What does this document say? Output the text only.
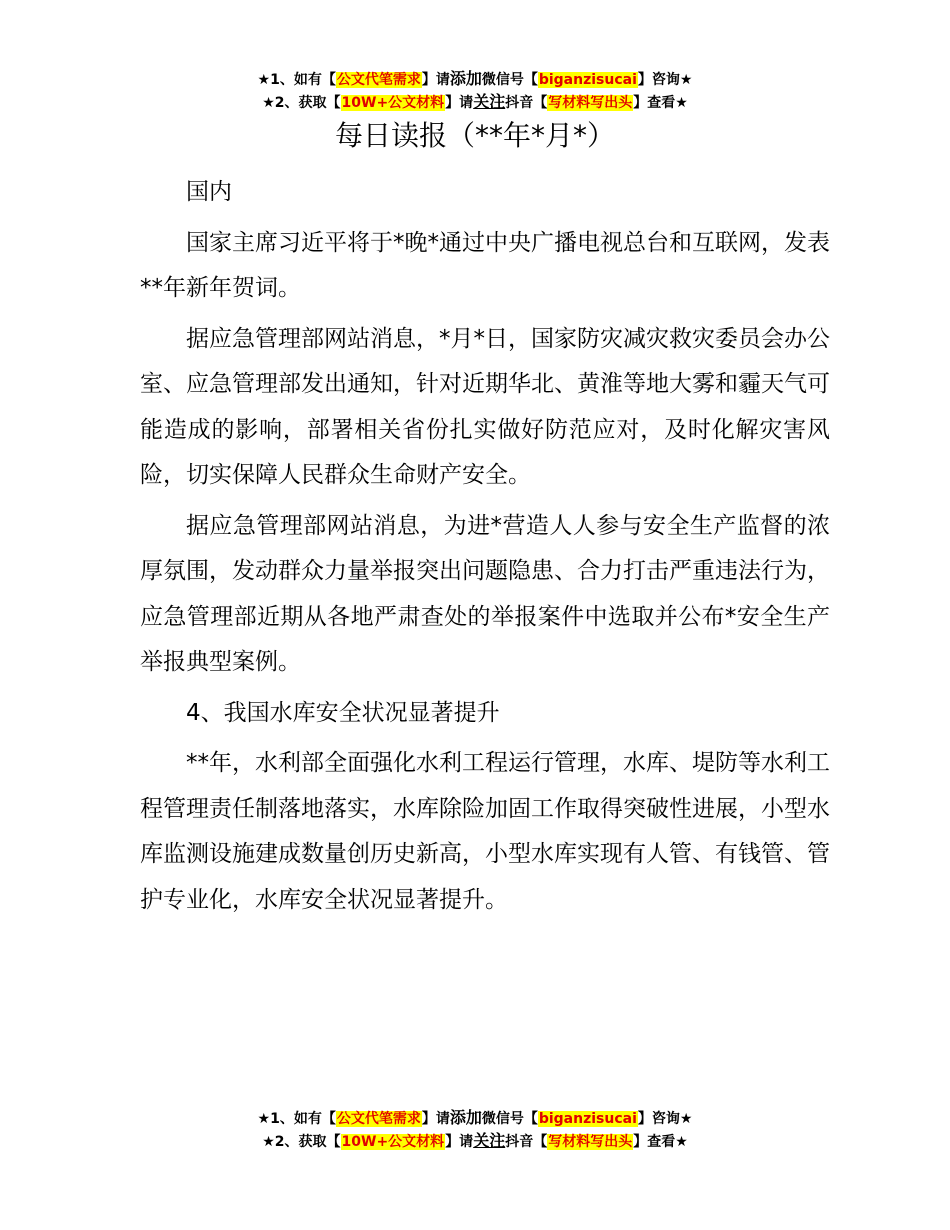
★1、如有【公文代笔需求】请添加微信号【biganzisucai】咨询★
★2、获取【10W+公文材料】请关注抖音【写材料写出头】查看★
每日读报（**年*月*）

国内

国家主席习近平将于*晚*通过中央广播电视总台和互联网，发表**年新年贺词。

据应急管理部网站消息，*月*日，国家防灾减灾救灾委员会办公室、应急管理部发出通知，针对近期华北、黄淮等地大雾和霾天气可能造成的影响，部署相关省份扎实做好防范应对，及时化解灾害风险，切实保障人民群众生命财产安全。

据应急管理部网站消息，为进*营造人人参与安全生产监督的浓厚氛围，发动群众力量举报突出问题隐患、合力打击严重违法行为，应急管理部近期从各地严肃查处的举报案件中选取并公布*安全生产举报典型案例。

4、我国水库安全状况显著提升

**年，水利部全面强化水利工程运行管理，水库、堤防等水利工程管理责任制落地落实，水库除险加固工作取得突破性进展，小型水库监测设施建成数量创历史新高，小型水库实现有人管、有钱管、管护专业化，水库安全状况显著提升。

★1、如有【公文代笔需求】请添加微信号【biganzisucai】咨询★
★2、获取【10W+公文材料】请关注抖音【写材料写出头】查看★
